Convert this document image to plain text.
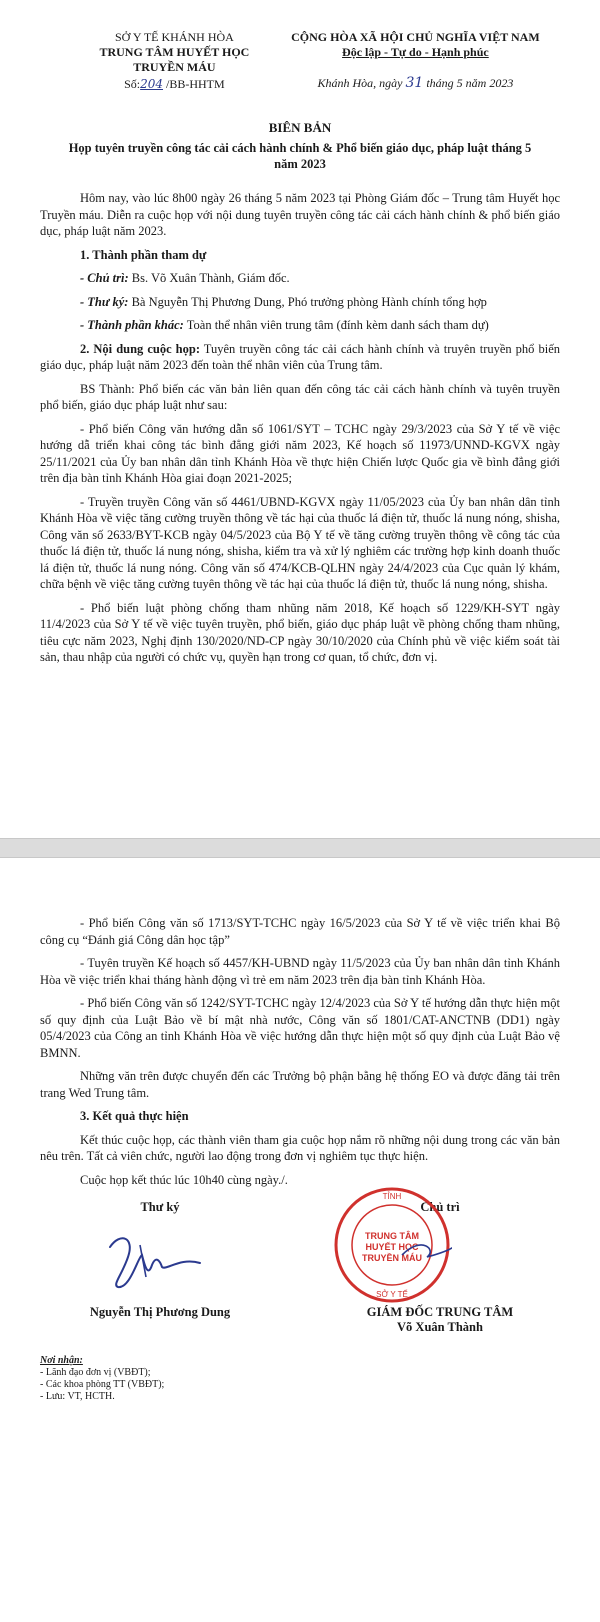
SỞ Y TẾ KHÁNH HÒA
TRUNG TÂM HUYẾT HỌC
TRUYỀN MÁU
Số:204 /BB-HHTM
CỘNG HÒA XÃ HỘI CHỦ NGHĨA VIỆT NAM
Độc lập - Tự do - Hạnh phúc
Khánh Hòa, ngày 31 tháng 5 năm 2023
BIÊN BẢN
Họp tuyên truyền công tác cải cách hành chính & Phổ biến giáo dục, pháp luật tháng 5 năm 2023

Hôm nay, vào lúc 8h00 ngày 26 tháng 5 năm 2023 tại Phòng Giám đốc – Trung tâm Huyết học Truyền máu. Diễn ra cuộc họp với nội dung tuyên truyền công tác cải cách hành chính & phổ biến giáo dục, pháp luật năm 2023.

1. Thành phần tham dự

- Chủ trì: Bs. Võ Xuân Thành, Giám đốc.

- Thư ký: Bà Nguyễn Thị Phương Dung, Phó trưởng phòng Hành chính tổng hợp

- Thành phần khác: Toàn thể nhân viên trung tâm (đính kèm danh sách tham dự)

2. Nội dung cuộc họp: Tuyên truyền công tác cải cách hành chính và truyên truyền phổ biến giáo dục, pháp luật năm 2023 đến toàn thể nhân viên của Trung tâm.

BS Thành: Phổ biến các văn bản liên quan đến công tác cải cách hành chính và tuyên truyền phổ biến, giáo dục pháp luật như sau:

- Phổ biến Công văn hướng dẫn số 1061/SYT – TCHC ngày 29/3/2023 của Sở Y tế về việc hướng dẫ triển khai công tác bình đẳng giới năm 2023, Kế hoạch số 11973/UNND-KGVX ngày 25/11/2021 của Ủy ban nhân dân tỉnh Khánh Hòa về thực hiện Chiến lược Quốc gia về bình đẳng giới trên địa bàn tỉnh Khánh Hòa giai đoạn 2021-2025;

- Truyền truyền Công văn số 4461/UBND-KGVX ngày 11/05/2023 của Ủy ban nhân dân tỉnh Khánh Hòa về việc tăng cường truyền thông về tác hại của thuốc lá điện tử, thuốc lá nung nóng, shisha, Công văn số 2633/BYT-KCB ngày 04/5/2023 của Bộ Y tế về tăng cường truyền thông về công tác của thuốc lá điện tử, thuốc lá nung nóng, shisha, kiểm tra và xử lý nghiêm các trường hợp kinh doanh thuốc lá điện tử, thuốc lá nung nóng. Công văn số 474/KCB-QLHN ngày 24/4/2023 của Cục quản lý khám, chữa bệnh về việc tăng cường tuyên thông về tác hại của thuốc lá điện tử, thuốc lá nung nóng, shisha.

- Phổ biến luật phòng chống tham nhũng năm 2018, Kế hoạch số 1229/KH-SYT ngày 11/4/2023 của Sở Y tế về việc tuyên truyền, phổ biến, giáo dục pháp luật về phòng chống tham nhũng, tiêu cực năm 2023, Nghị định 130/2020/ND-CP ngày 30/10/2020 của Chính phủ về việc kiểm soát tài sản, thau nhập của người có chức vụ, quyền hạn trong cơ quan, tổ chức, đơn vị.

- Phổ biến Công văn số 1713/SYT-TCHC ngày 16/5/2023 của Sở Y tế về việc triển khai Bộ công cụ “Đánh giá Công dân học tập”

- Tuyên truyền Kế hoạch số 4457/KH-UBND ngày 11/5/2023 của Ủy ban nhân dân tỉnh Khánh Hòa về việc triển khai tháng hành động vì trẻ em năm 2023 trên địa bàn tỉnh Khánh Hòa.

- Phổ biến Công văn số 1242/SYT-TCHC ngày 12/4/2023 của Sở Y tế hướng dẫn thực hiện một số quy định của Luật Bảo về bí mật nhà nước, Công văn số 1801/CAT-ANCTNB (DD1) ngày 05/4/2023 của Công an tỉnh Khánh Hòa về việc hướng dẫn thực hiện một số quy định của Luật Bảo vệ BMNN.

Những văn trên được chuyển đến các Trưởng bộ phận bằng hệ thống EO và được đăng tải trên trang Wed Trung tâm.

3. Kết quả thực hiện

Kết thúc cuộc họp, các thành viên tham gia cuộc họp nắm rõ những nội dung trong các văn bản nêu trên. Tất cả viên chức, người lao động trong đơn vị nghiêm tục thực hiện.

Cuộc họp kết thúc lúc 10h40 cùng ngày./.

Thư ký
Nguyễn Thị Phương Dung
Chủ trì
TỈNH
TRUNG TÂM
HUYẾT HỌC
TRUYỀN MÁU
SỞ Y TẾ
GIÁM ĐỐC TRUNG TÂM
Võ Xuân Thành
Nơi nhận:
- Lãnh đạo đơn vị (VBĐT);
- Các khoa phòng TT (VBĐT);
- Lưu: VT, HCTH.
